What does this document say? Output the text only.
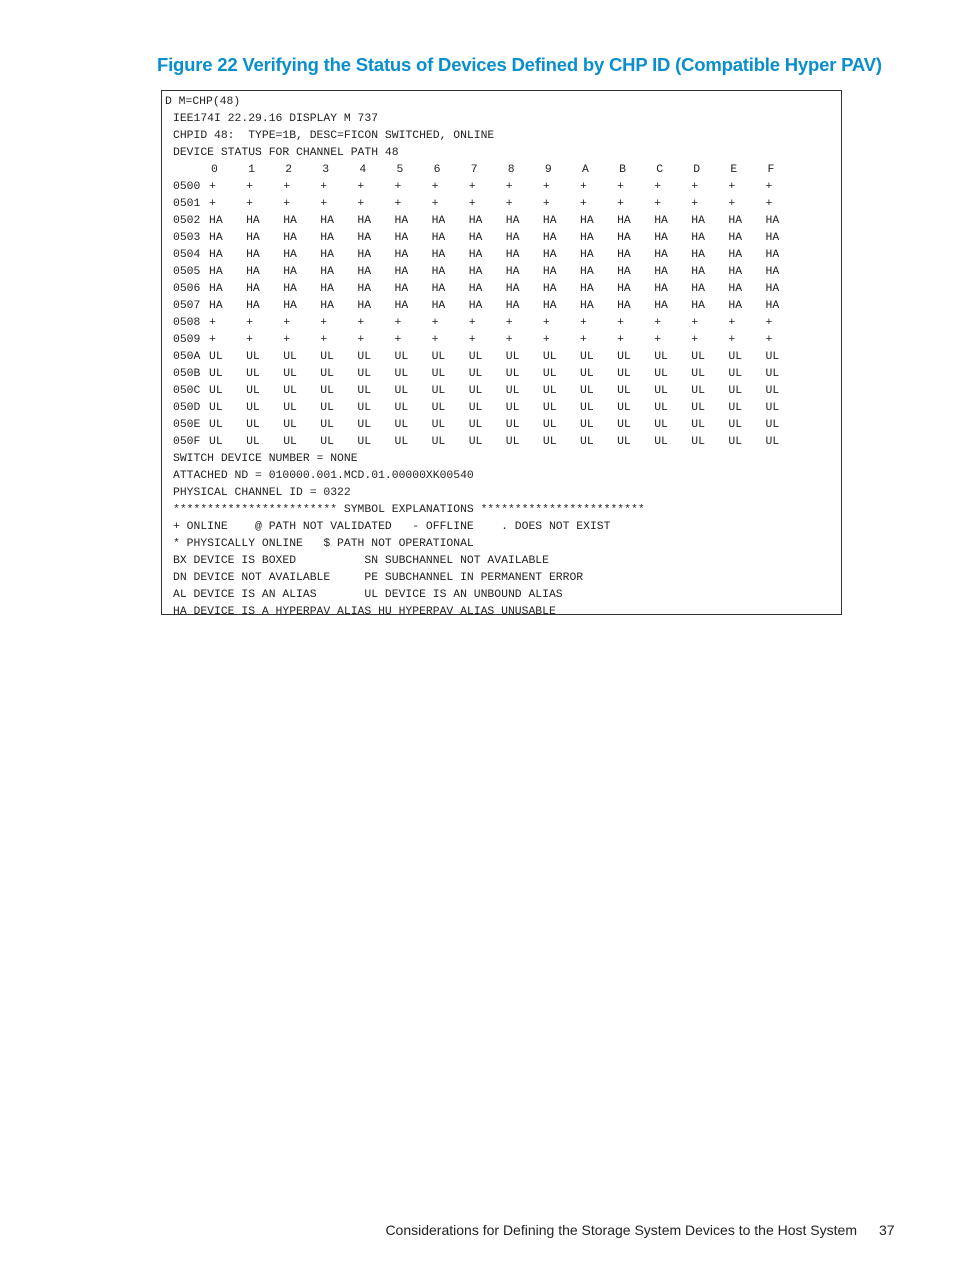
Figure 22 Verifying the Status of Devices Defined by CHP ID (Compatible Hyper PAV)
D M=CHP(48)
IEE174I 22.29.16 DISPLAY M 737
CHPID 48:  TYPE=1B, DESC=FICON SWITCHED, ONLINE
DEVICE STATUS FOR CHANNEL PATH 48
0	1	2	3	4	5	6	7	8	9	A	B	C	D	E	F
0500 +	+	+	+	+	+	+	+	+	+	+	+	+	+	+	+
0501 +	+	+	+	+	+	+	+	+	+	+	+	+	+	+	+
0502 HA HA HA HA HA HA HA HA HA HA HA HA HA HA HA HA
0503 HA HA HA HA HA HA HA HA HA HA HA HA HA HA HA HA
0504 HA HA HA HA HA HA HA HA HA HA HA HA HA HA HA HA
0505 HA HA HA HA HA HA HA HA HA HA HA HA HA HA HA HA
0506 HA HA HA HA HA HA HA HA HA HA HA HA HA HA HA HA
0507 HA HA HA HA HA HA HA HA HA HA HA HA HA HA HA HA
0508 +	+	+	+	+	+	+	+	+	+	+	+	+	+	+	+
0509 +	+	+	+	+	+	+	+	+	+	+	+	+	+	+	+
050A UL UL UL UL UL UL UL UL UL UL UL UL UL UL UL UL
050B UL UL UL UL UL UL UL UL UL UL UL UL UL UL UL UL
050C UL UL UL UL UL UL UL UL UL UL UL UL UL UL UL UL
050D UL UL UL UL UL UL UL UL UL UL UL UL UL UL UL UL
050E UL UL UL UL UL UL UL UL UL UL UL UL UL UL UL UL
050F UL UL UL UL UL UL UL UL UL UL UL UL UL UL UL UL
SWITCH DEVICE NUMBER = NONE
ATTACHED ND = 010000.001.MCD.01.00000XK00540
PHYSICAL CHANNEL ID = 0322
************************ SYMBOL EXPLANATIONS ************************
+ ONLINE    @ PATH NOT VALIDATED   - OFFLINE    . DOES NOT EXIST
* PHYSICALLY ONLINE   $ PATH NOT OPERATIONAL
BX DEVICE IS BOXED          SN SUBCHANNEL NOT AVAILABLE
DN DEVICE NOT AVAILABLE     PE SUBCHANNEL IN PERMANENT ERROR
AL DEVICE IS AN ALIAS       UL DEVICE IS AN UNBOUND ALIAS
HA DEVICE IS A HYPERPAV ALIAS HU HYPERPAV ALIAS UNUSABLE
Considerations for Defining the Storage System Devices to the Host System 37
